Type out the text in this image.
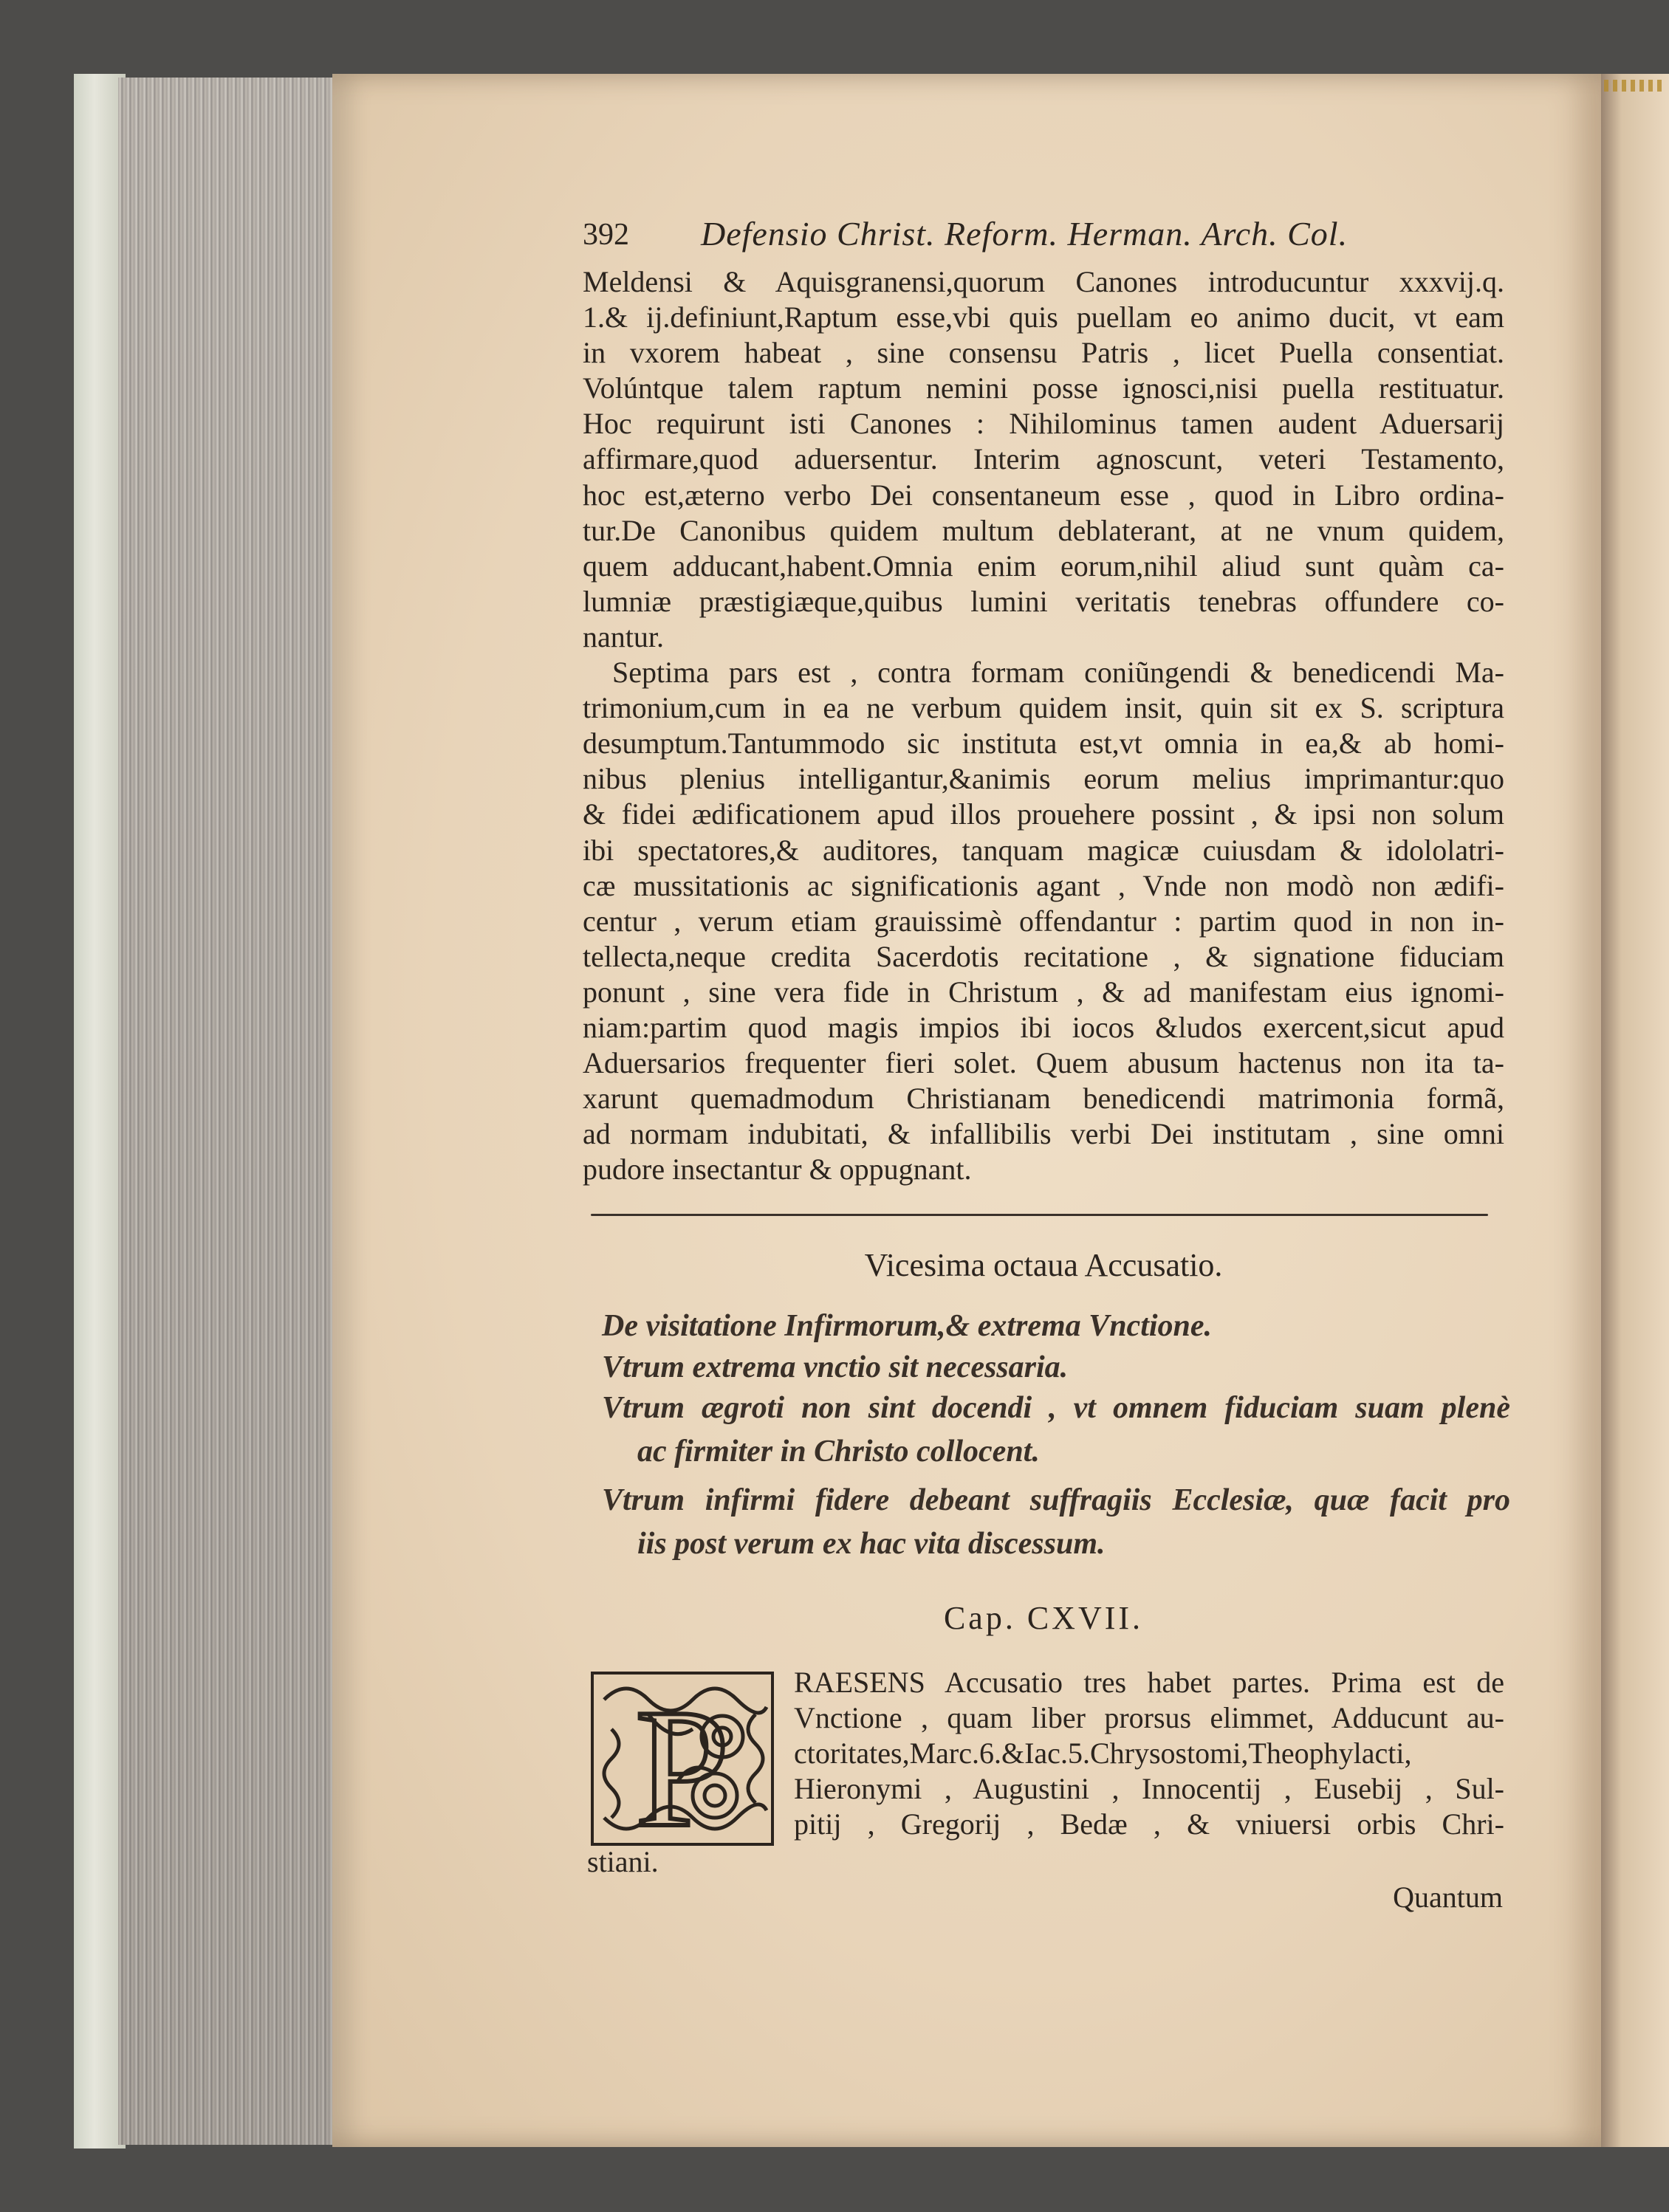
392 Defensio Christ. Reform. Herman. Arch. Col.
Meldensi & Aquisgranensi,quorum Canones introducuntur xxxvij.q.
1.& ij.definiunt,Raptum esse,vbi quis puellam eo animo ducit, vt eam
in vxorem habeat , sine consensu Patris , licet Puella consentiat.
Volúntque talem raptum nemini posse ignosci,nisi puella restituatur.
Hoc requirunt isti Canones : Nihilominus tamen audent Aduersarij
affirmare,quod aduersentur. Interim agnoscunt, veteri Testamento,
hoc est,æterno verbo Dei consentaneum esse , quod in Libro ordina-
tur.De Canonibus quidem multum deblaterant, at ne vnum quidem,
quem adducant,habent.Omnia enim eorum,nihil aliud sunt quàm ca-
lumniæ præstigiæque,quibus lumini veritatis tenebras offundere co-
nantur.
Septima pars est , contra formam coniũngendi & benedicendi Ma-
trimonium,cum in ea ne verbum quidem insit, quin sit ex S. scriptura
desumptum.Tantummodo sic instituta est,vt omnia in ea,& ab homi-
nibus plenius intelligantur,&animis eorum melius imprimantur:quo
& fidei ædificationem apud illos prouehere possint , & ipsi non solum
ibi spectatores,& auditores, tanquam magicæ cuiusdam & idololatri-
cæ mussitationis ac significationis agant , Vnde non modò non ædifi-
centur , verum etiam grauissimè offendantur : partim quod in non in-
tellecta,neque credita Sacerdotis recitatione , & signatione fiduciam
ponunt , sine vera fide in Christum , & ad manifestam eius ignomi-
niam:partim quod magis impios ibi iocos &ludos exercent,sicut apud
Aduersarios frequenter fieri solet. Quem abusum hactenus non ita ta-
xarunt quemadmodum Christianam benedicendi matrimonia formã,
ad normam indubitati, & infallibilis verbi Dei institutam , sine omni
pudore insectantur & oppugnant.
Vicesima octaua Accusatio.
De visitatione Infirmorum,& extrema Vnctione.
Vtrum extrema vnctio sit necessaria.
Vtrum ægroti non sint docendi , vt omnem fiduciam suam plenè
ac firmiter in Christo collocent.
Vtrum infirmi fidere debeant suffragiis Ecclesiæ, quæ facit pro
iis post verum ex hac vita discessum.
Cap. CXVII.
P RAESENS Accusatio tres habet partes. Prima est de
Vnctione , quam liber prorsus elimmet, Adducunt au-
ctoritates,Marc.6.&Iac.5.Chrysostomi,Theophylacti,
Hieronymi , Augustini , Innocentij , Eusebij , Sul-
pitij , Gregorij , Bedæ , & vniuersi orbis Chri-
stiani.
Quantum
